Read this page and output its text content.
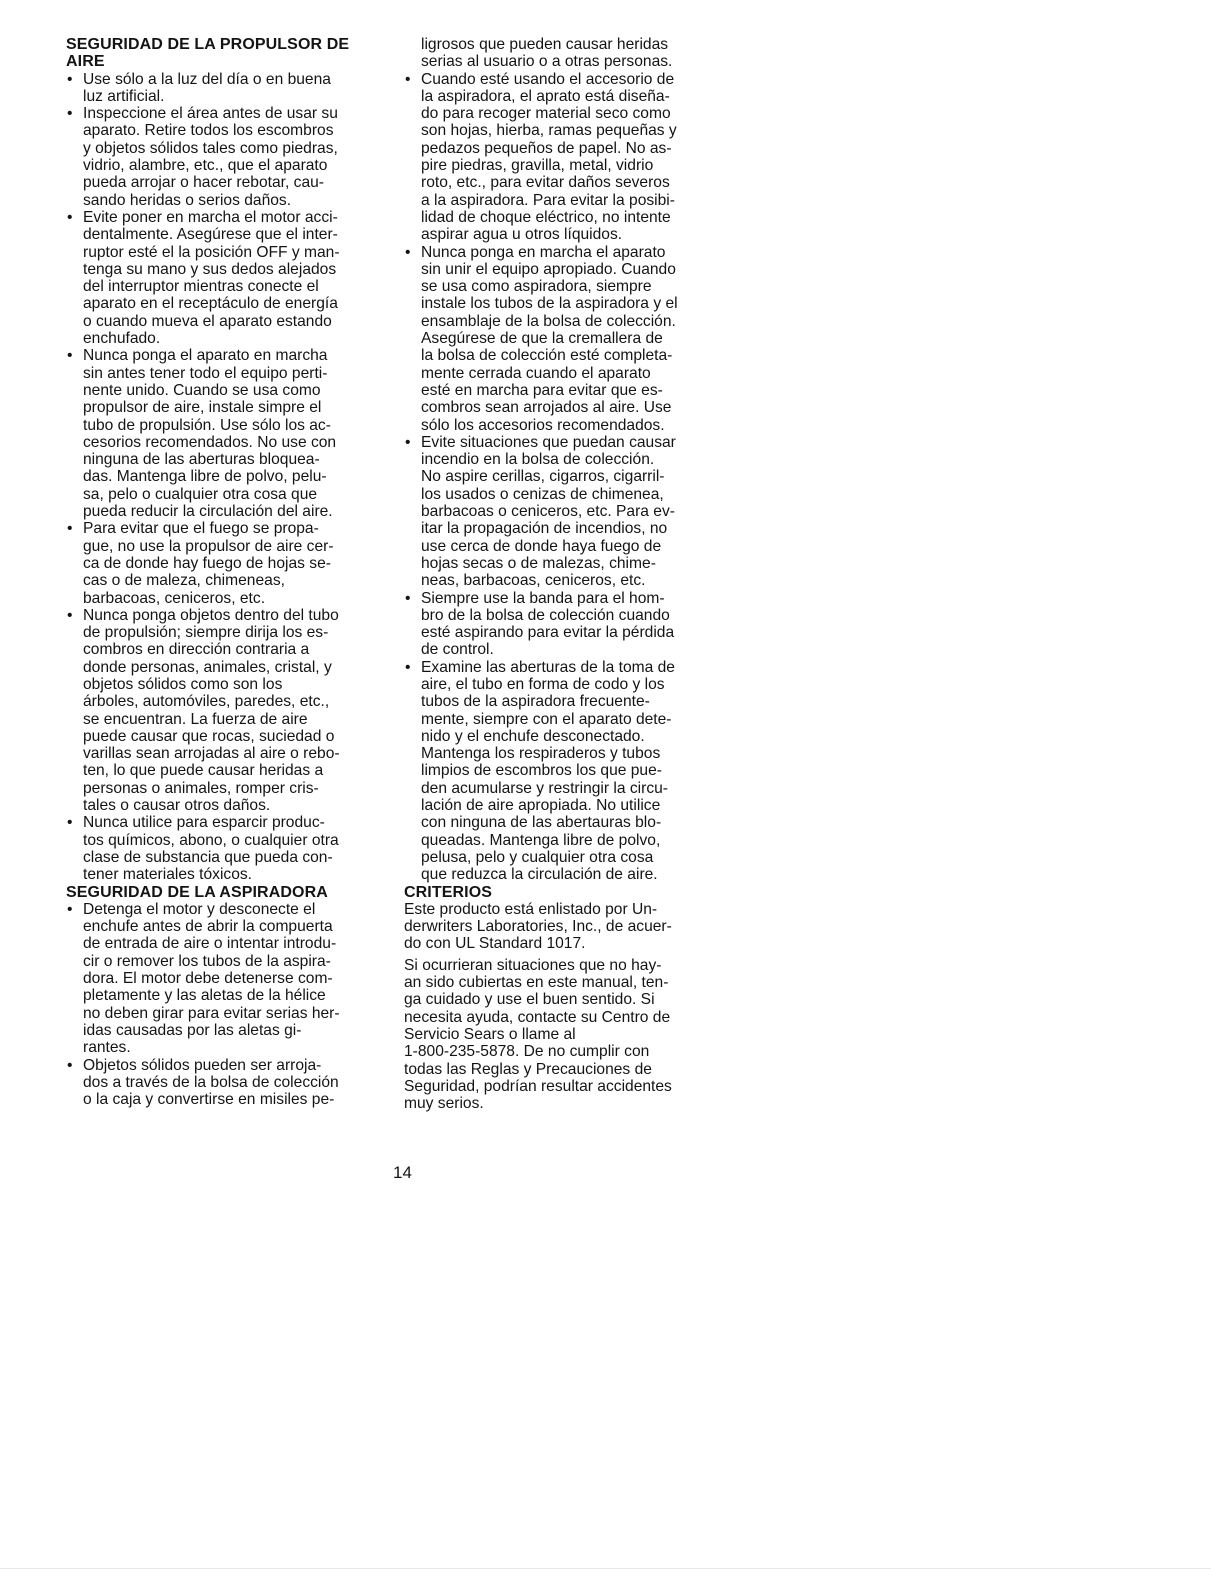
SEGURIDAD DE LA PROPULSOR DE
AIRE
• Use sólo a la luz del día o en buena
luz artificial.
• Inspeccione el área antes de usar su
aparato. Retire todos los escombros
y objetos sólidos tales como piedras,
vidrio, alambre, etc., que el aparato
pueda arrojar o hacer rebotar, cau-
sando heridas o serios daños.
• Evite poner en marcha el motor acci-
dentalmente. Asegúrese que el inter-
ruptor esté el la posición OFF y man-
tenga su mano y sus dedos alejados
del interruptor mientras conecte el
aparato en el receptáculo de energía
o cuando mueva el aparato estando
enchufado.
• Nunca ponga el aparato en marcha
sin antes tener todo el equipo perti-
nente unido. Cuando se usa como
propulsor de aire, instale simpre el
tubo de propulsión. Use sólo los ac-
cesorios recomendados. No use con
ninguna de las aberturas bloquea-
das. Mantenga libre de polvo, pelu-
sa, pelo o cualquier otra cosa que
pueda reducir la circulación del aire.
• Para evitar que el fuego se propa-
gue, no use la propulsor de aire cer-
ca de donde hay fuego de hojas se-
cas o de maleza, chimeneas,
barbacoas, ceniceros, etc.
• Nunca ponga objetos dentro del tubo
de propulsión; siempre dirija los es-
combros en dirección contraria a
donde personas, animales, cristal, y
objetos sólidos como son los
árboles, automóviles, paredes, etc.,
se encuentran. La fuerza de aire
puede causar que rocas, suciedad o
varillas sean arrojadas al aire o rebo-
ten, lo que puede causar heridas a
personas o animales, romper cris-
tales o causar otros daños.
• Nunca utilice para esparcir produc-
tos químicos, abono, o cualquier otra
clase de substancia que pueda con-
tener materiales tóxicos.
SEGURIDAD DE LA ASPIRADORA
• Detenga el motor y desconecte el
enchufe antes de abrir la compuerta
de entrada de aire o intentar introdu-
cir o remover los tubos de la aspira-
dora. El motor debe detenerse com-
pletamente y las aletas de la hélice
no deben girar para evitar serias her-
idas causadas por las aletas gi-
rantes.
• Objetos sólidos pueden ser arroja-
dos a través de la bolsa de colección
o la caja y convertirse en misiles pe-
ligrosos que pueden causar heridas
serias al usuario o a otras personas.
• Cuando esté usando el accesorio de
la aspiradora, el aprato está diseña-
do para recoger material seco como
son hojas, hierba, ramas pequeñas y
pedazos pequeños de papel. No as-
pire piedras, gravilla, metal, vidrio
roto, etc., para evitar daños severos
a la aspiradora. Para evitar la posibi-
lidad de choque eléctrico, no intente
aspirar agua u otros líquidos.
• Nunca ponga en marcha el aparato
sin unir el equipo apropiado. Cuando
se usa como aspiradora, siempre
instale los tubos de la aspiradora y el
ensamblaje de la bolsa de colección.
Asegúrese de que la cremallera de
la bolsa de colección esté completa-
mente cerrada cuando el aparato
esté en marcha para evitar que es-
combros sean arrojados al aire. Use
sólo los accesorios recomendados.
• Evite situaciones que puedan causar
incendio en la bolsa de colección.
No aspire cerillas, cigarros, cigarril-
los usados o cenizas de chimenea,
barbacoas o ceniceros, etc. Para ev-
itar la propagación de incendios, no
use cerca de donde haya fuego de
hojas secas o de malezas, chime-
neas, barbacoas, ceniceros, etc.
• Siempre use la banda para el hom-
bro de la bolsa de colección cuando
esté aspirando para evitar la pérdida
de control.
• Examine las aberturas de la toma de
aire, el tubo en forma de codo y los
tubos de la aspiradora frecuente-
mente, siempre con el aparato dete-
nido y el enchufe desconectado.
Mantenga los respiraderos y tubos
limpios de escombros los que pue-
den acumularse y restringir la circu-
lación de aire apropiada. No utilice
con ninguna de las abertauras blo-
queadas. Mantenga libre de polvo,
pelusa, pelo y cualquier otra cosa
que reduzca la circulación de aire.
CRITERIOS
Este producto está enlistado por Un-
derwriters Laboratories, Inc., de acuer-
do con UL Standard 1017.
Si ocurrieran situaciones que no hay-
an sido cubiertas en este manual, ten-
ga cuidado y use el buen sentido. Si
necesita ayuda, contacte su Centro de
Servicio Sears o llame al
1-800-235-5878. De no cumplir con
todas las Reglas y Precauciones de
Seguridad, podrían resultar accidentes
muy serios.
14
